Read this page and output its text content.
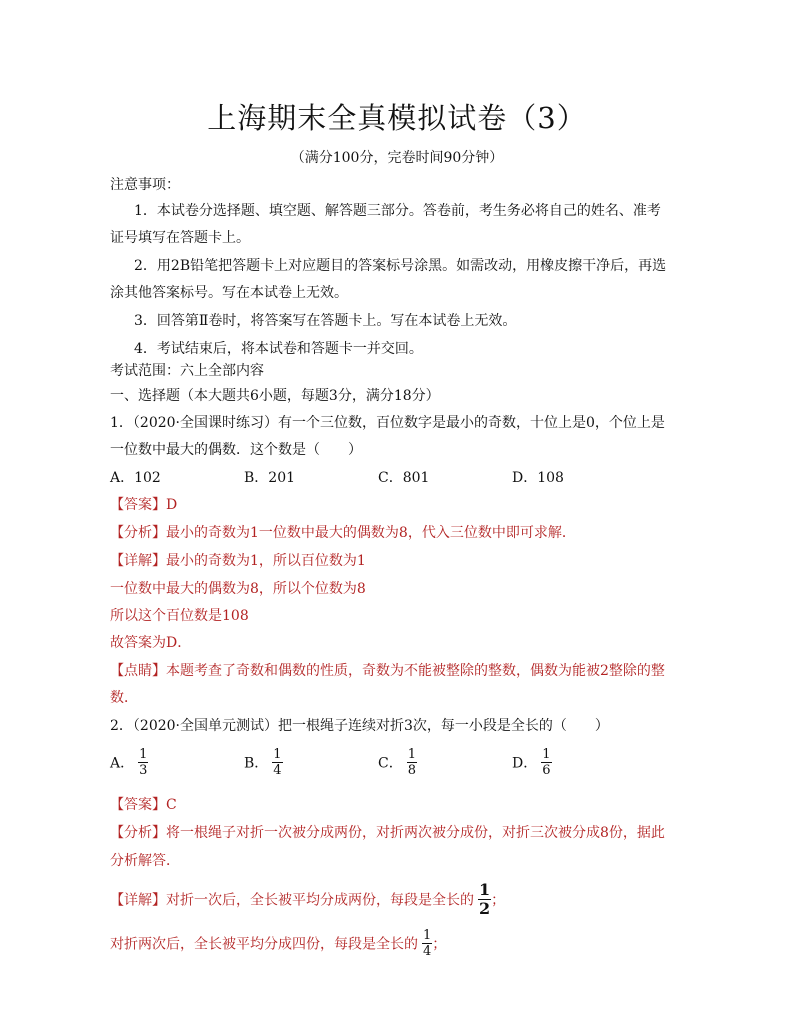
上海期末全真模拟试卷（3）
（满分100分，完卷时间90分钟）
注意事项：
1．本试卷分选择题、填空题、解答题三部分。答卷前，考生务必将自己的姓名、准考
证号填写在答题卡上。
2．用2B铅笔把答题卡上对应题目的答案标号涂黑。如需改动，用橡皮擦干净后，再选
涂其他答案标号。写在本试卷上无效。
3．回答第Ⅱ卷时，将答案写在答题卡上。写在本试卷上无效。
4．考试结束后，将本试卷和答题卡一并交回。
考试范围：六上全部内容
一、选择题（本大题共6小题，每题3分，满分18分）
1．（2020·全国课时练习）有一个三位数，百位数字是最小的奇数，十位上是0，个位上是
一位数中最大的偶数．这个数是（　　）
A．102	B．201	C．801	D．108
【答案】D
【分析】最小的奇数为1一位数中最大的偶数为8，代入三位数中即可求解．
【详解】最小的奇数为1，所以百位数为1
一位数中最大的偶数为8，所以个位数为8
所以这个百位数是108
故答案为D．
【点睛】本题考查了奇数和偶数的性质，奇数为不能被整除的整数，偶数为能被2整除的整
数．
2．（2020·全国单元测试）把一根绳子连续对折3次，每一小段是全长的（　　）
A． $\frac{1}{3}$	B． $\frac{1}{4}$	C． $\frac{1}{8}$	D． $\frac{1}{6}$
【答案】C
【分析】将一根绳子对折一次被分成两份，对折两次被分成份，对折三次被分成8份，据此
分析解答．
【详解】对折一次后，全长被平均分成两份，每段是全长的 $\frac{1}{2}$ ；
对折两次后，全长被平均分成四份，每段是全长的 $\frac{1}{4}$ ；
